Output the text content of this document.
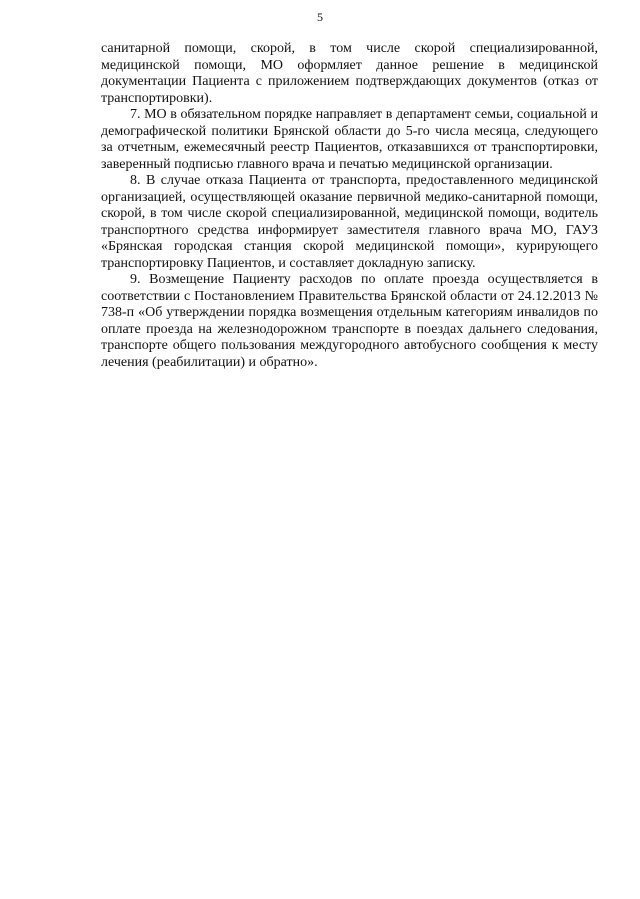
5

санитарной помощи, скорой, в том числе скорой специализированной, медицинской помощи, МО оформляет данное решение в медицинской документации Пациента с приложением подтверждающих документов (отказ от транспортировки).

7. МО в обязательном порядке направляет в департамент семьи, социальной и демографической политики Брянской области до 5-го числа месяца, следующего за отчетным, ежемесячный реестр Пациентов, отказавшихся от транспортировки, заверенный подписью главного врача и печатью медицинской организации.

8. В случае отказа Пациента от транспорта, предоставленного медицинской организацией, осуществляющей оказание первичной медико-санитарной помощи, скорой, в том числе скорой специализированной, медицинской помощи, водитель транспортного средства информирует заместителя главного врача МО, ГАУЗ «Брянская городская станция скорой медицинской помощи», курирующего транспортировку Пациентов, и составляет докладную записку.

9. Возмещение Пациенту расходов по оплате проезда осуществляется в соответствии с Постановлением Правительства Брянской области от 24.12.2013 № 738-п «Об утверждении порядка возмещения отдельным категориям инвалидов по оплате проезда на железнодорожном транспорте в поездах дальнего следования, транспорте общего пользования междугородного автобусного сообщения к месту лечения (реабилитации) и обратно».
